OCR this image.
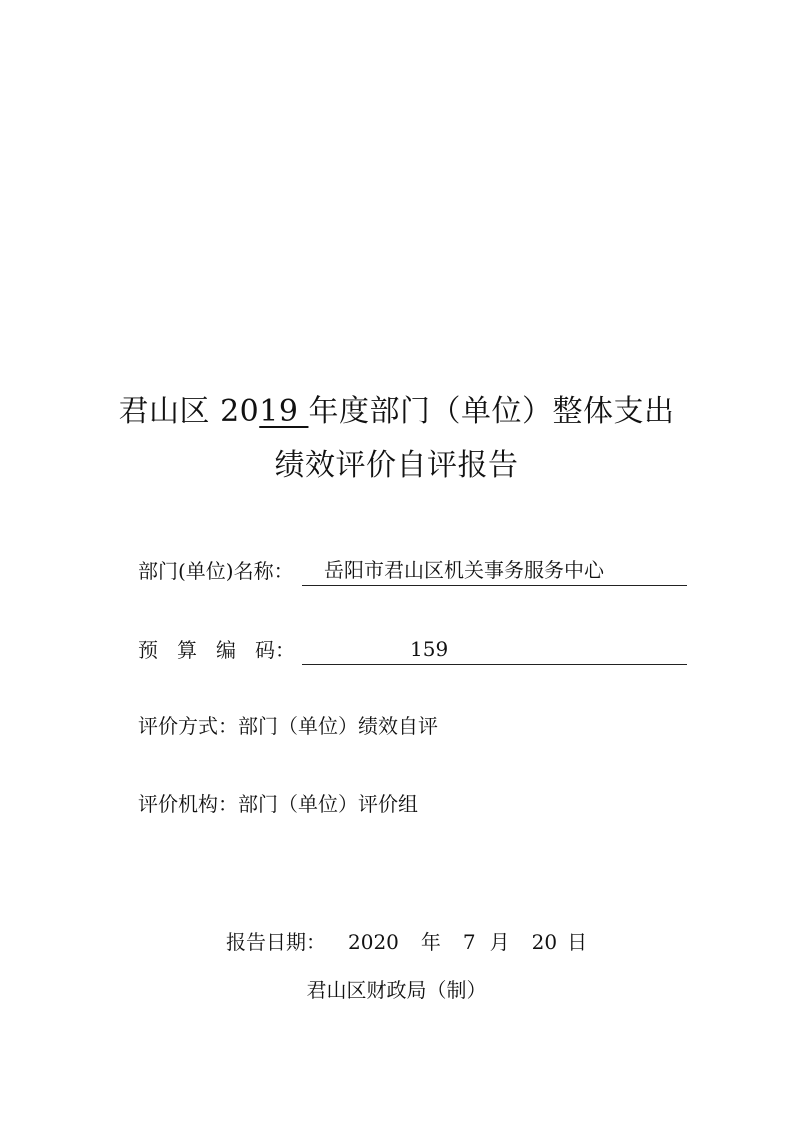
君山区 2019 年度部门（单位）整体支出
绩效评价自评报告
部门(单位)名称：	岳阳市君山区机关事务服务中心
预 算 编 码：	159
评价方式：部门（单位）绩效自评
评价机构：部门（单位）评价组
报告日期： 2020 年 7 月 20 日
君山区财政局（制）
